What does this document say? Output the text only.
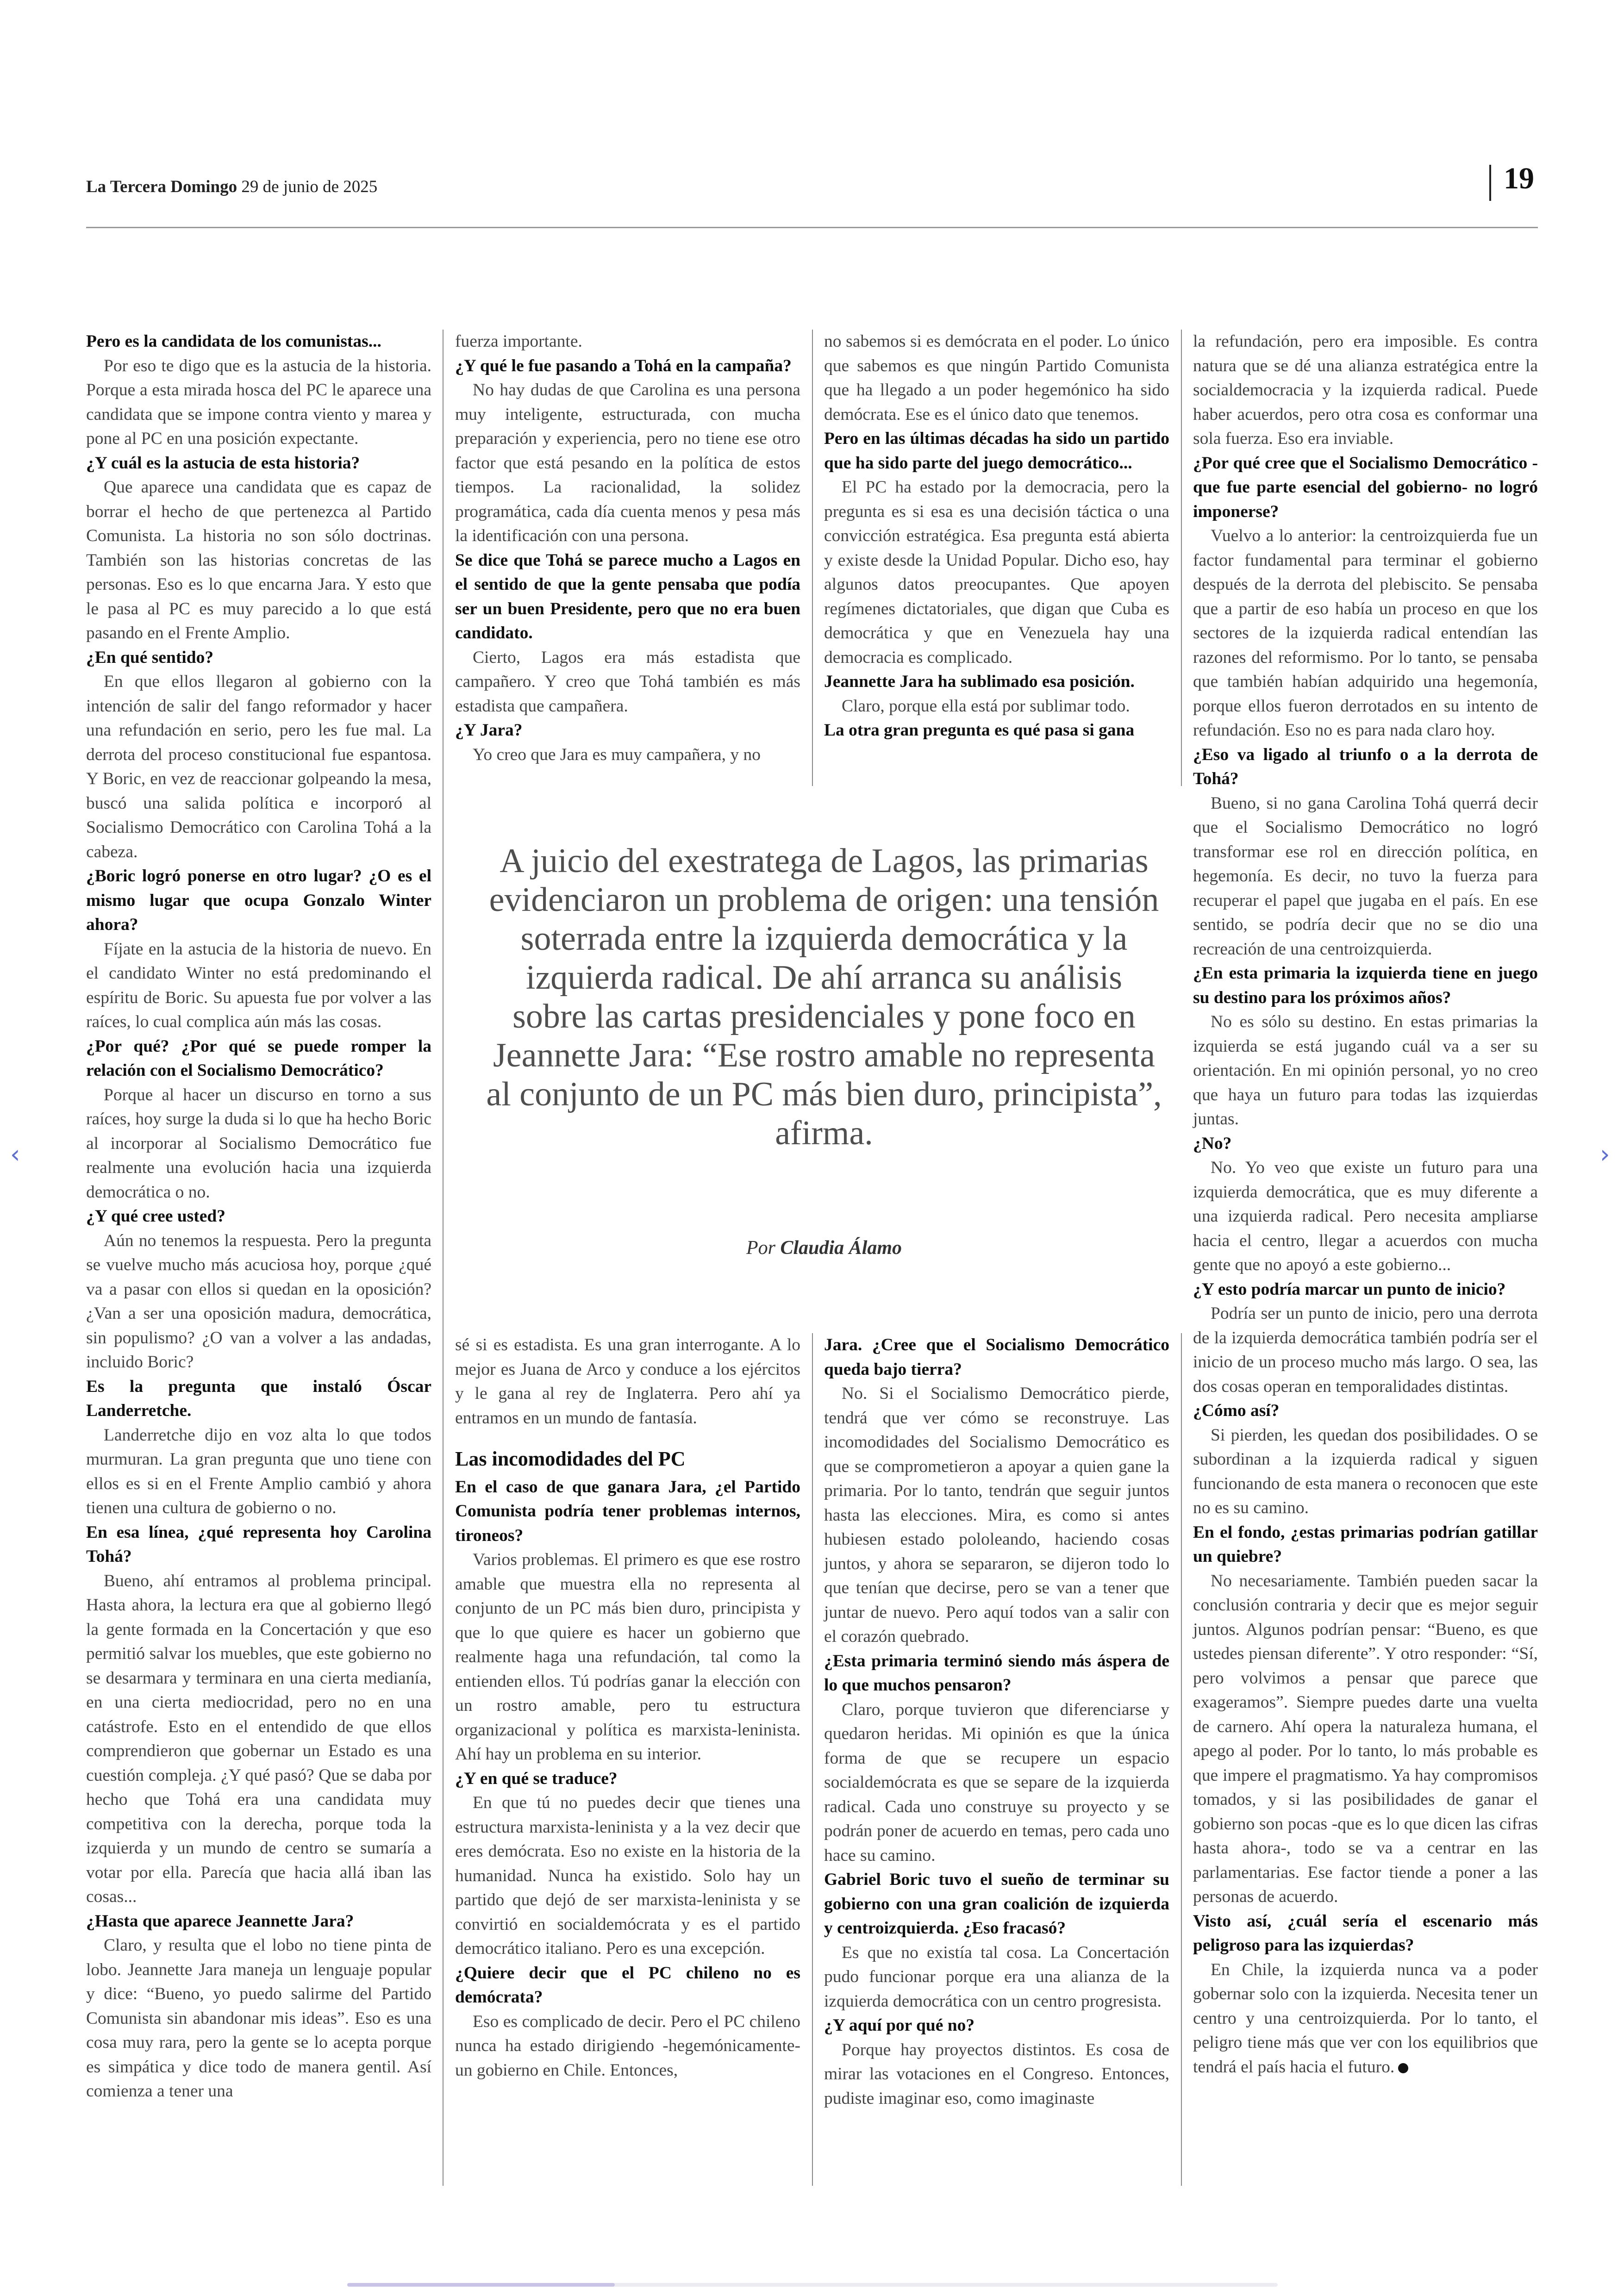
La Tercera Domingo 29 de junio de 2025	19

Pero es la candidata de los comunistas...

Por eso te digo que es la astucia de la historia. Porque a esta mirada hosca del PC le aparece una candidata que se impone contra viento y marea y pone al PC en una posición expectante.

¿Y cuál es la astucia de esta historia?

Que aparece una candidata que es capaz de borrar el hecho de que pertenezca al Partido Comunista. La historia no son sólo doctrinas. También son las historias concretas de las personas. Eso es lo que encarna Jara. Y esto que le pasa al PC es muy parecido a lo que está pasando en el Frente Amplio.

¿En qué sentido?

En que ellos llegaron al gobierno con la intención de salir del fango reformador y hacer una refundación en serio, pero les fue mal. La derrota del proceso constitucional fue espantosa. Y Boric, en vez de reaccionar golpeando la mesa, buscó una salida política e incorporó al Socialismo Democrático con Carolina Tohá a la cabeza.

¿Boric logró ponerse en otro lugar? ¿O es el mismo lugar que ocupa Gonzalo Winter ahora?

Fíjate en la astucia de la historia de nuevo. En el candidato Winter no está predominando el espíritu de Boric. Su apuesta fue por volver a las raíces, lo cual complica aún más las cosas.

¿Por qué? ¿Por qué se puede romper la relación con el Socialismo Democrático?

Porque al hacer un discurso en torno a sus raíces, hoy surge la duda si lo que ha hecho Boric al incorporar al Socialismo Democrático fue realmente una evolución hacia una izquierda democrática o no.

¿Y qué cree usted?

Aún no tenemos la respuesta. Pero la pregunta se vuelve mucho más acuciosa hoy, porque ¿qué va a pasar con ellos si quedan en la oposición? ¿Van a ser una oposición madura, democrática, sin populismo? ¿O van a volver a las andadas, incluido Boric?

Es la pregunta que instaló Óscar Landerretche.

Landerretche dijo en voz alta lo que todos murmuran. La gran pregunta que uno tiene con ellos es si en el Frente Amplio cambió y ahora tienen una cultura de gobierno o no.

En esa línea, ¿qué representa hoy Carolina Tohá?

Bueno, ahí entramos al problema principal. Hasta ahora, la lectura era que al gobierno llegó la gente formada en la Concertación y que eso permitió salvar los muebles, que este gobierno no se desarmara y terminara en una cierta medianía, en una cierta mediocridad, pero no en una catástrofe. Esto en el entendido de que ellos comprendieron que gobernar un Estado es una cuestión compleja. ¿Y qué pasó? Que se daba por hecho que Tohá era una candidata muy competitiva con la derecha, porque toda la izquierda y un mundo de centro se sumaría a votar por ella. Parecía que hacia allá iban las cosas...

¿Hasta que aparece Jeannette Jara?

Claro, y resulta que el lobo no tiene pinta de lobo. Jeannette Jara maneja un lenguaje popular y dice: “Bueno, yo puedo salirme del Partido Comunista sin abandonar mis ideas”. Eso es una cosa muy rara, pero la gente se lo acepta porque es simpática y dice todo de manera gentil. Así comienza a tener una

fuerza importante.

¿Y qué le fue pasando a Tohá en la campaña?

No hay dudas de que Carolina es una persona muy inteligente, estructurada, con mucha preparación y experiencia, pero no tiene ese otro factor que está pesando en la política de estos tiempos. La racionalidad, la solidez programática, cada día cuenta menos y pesa más la identificación con una persona.

Se dice que Tohá se parece mucho a Lagos en el sentido de que la gente pensaba que podía ser un buen Presidente, pero que no era buen candidato.

Cierto, Lagos era más estadista que campañero. Y creo que Tohá también es más estadista que campañera.

¿Y Jara?

Yo creo que Jara es muy campañera, y no

no sabemos si es demócrata en el poder. Lo único que sabemos es que ningún Partido Comunista que ha llegado a un poder hegemónico ha sido demócrata. Ese es el único dato que tenemos.

Pero en las últimas décadas ha sido un partido que ha sido parte del juego democrático...

El PC ha estado por la democracia, pero la pregunta es si esa es una decisión táctica o una convicción estratégica. Esa pregunta está abierta y existe desde la Unidad Popular. Dicho eso, hay algunos datos preocupantes. Que apoyen regímenes dictatoriales, que digan que Cuba es democrática y que en Venezuela hay una democracia es complicado.

Jeannette Jara ha sublimado esa posición.

Claro, porque ella está por sublimar todo.

La otra gran pregunta es qué pasa si gana

la refundación, pero era imposible. Es contra natura que se dé una alianza estratégica entre la socialdemocracia y la izquierda radical. Puede haber acuerdos, pero otra cosa es conformar una sola fuerza. Eso era inviable.

¿Por qué cree que el Socialismo Democrático -que fue parte esencial del gobierno- no logró imponerse?

Vuelvo a lo anterior: la centroizquierda fue un factor fundamental para terminar el gobierno después de la derrota del plebiscito. Se pensaba que a partir de eso había un proceso en que los sectores de la izquierda radical entendían las razones del reformismo. Por lo tanto, se pensaba que también habían adquirido una hegemonía, porque ellos fueron derrotados en su intento de refundación. Eso no es para nada claro hoy.

¿Eso va ligado al triunfo o a la derrota de Tohá?

Bueno, si no gana Carolina Tohá querrá decir que el Socialismo Democrático no logró transformar ese rol en dirección política, en hegemonía. Es decir, no tuvo la fuerza para recuperar el papel que jugaba en el país. En ese sentido, se podría decir que no se dio una recreación de una centroizquierda.

¿En esta primaria la izquierda tiene en juego su destino para los próximos años?

No es sólo su destino. En estas primarias la izquierda se está jugando cuál va a ser su orientación. En mi opinión personal, yo no creo que haya un futuro para todas las izquierdas juntas.

¿No?

No. Yo veo que existe un futuro para una izquierda democrática, que es muy diferente a una izquierda radical. Pero necesita ampliarse hacia el centro, llegar a acuerdos con mucha gente que no apoyó a este gobierno...

¿Y esto podría marcar un punto de inicio?

Podría ser un punto de inicio, pero una derrota de la izquierda democrática también podría ser el inicio de un proceso mucho más largo. O sea, las dos cosas operan en temporalidades distintas.

¿Cómo así?

Si pierden, les quedan dos posibilidades. O se subordinan a la izquierda radical y siguen funcionando de esta manera o reconocen que este no es su camino.

En el fondo, ¿estas primarias podrían gatillar un quiebre?

No necesariamente. También pueden sacar la conclusión contraria y decir que es mejor seguir juntos. Algunos podrían pensar: “Bueno, es que ustedes piensan diferente”. Y otro responder: “Sí, pero volvimos a pensar que parece que exageramos”. Siempre puedes darte una vuelta de carnero. Ahí opera la naturaleza humana, el apego al poder. Por lo tanto, lo más probable es que impere el pragmatismo. Ya hay compromisos tomados, y si las posibilidades de ganar el gobierno son pocas -que es lo que dicen las cifras hasta ahora-, todo se va a centrar en las parlamentarias. Ese factor tiende a poner a las personas de acuerdo.

Visto así, ¿cuál sería el escenario más peligroso para las izquierdas?

En Chile, la izquierda nunca va a poder gobernar solo con la izquierda. Necesita tener un centro y una centroizquierda. Por lo tanto, el peligro tiene más que ver con los equilibrios que tendrá el país hacia el futuro.

A juicio del exestratega de Lagos, las primarias evidenciaron un problema de origen: una tensión soterrada entre la izquierda democrática y la izquierda radical. De ahí arranca su análisis sobre las cartas presidenciales y pone foco en Jeannette Jara: “Ese rostro amable no representa al conjunto de un PC más bien duro, principista”, afirma.
Por Claudia Álamo

sé si es estadista. Es una gran interrogante. A lo mejor es Juana de Arco y conduce a los ejércitos y le gana al rey de Inglaterra. Pero ahí ya entramos en un mundo de fantasía.

Las incomodidades del PC

En el caso de que ganara Jara, ¿el Partido Comunista podría tener problemas internos, tironeos?

Varios problemas. El primero es que ese rostro amable que muestra ella no representa al conjunto de un PC más bien duro, principista y que lo que quiere es hacer un gobierno que realmente haga una refundación, tal como la entienden ellos. Tú podrías ganar la elección con un rostro amable, pero tu estructura organizacional y política es marxista-leninista. Ahí hay un problema en su interior.

¿Y en qué se traduce?

En que tú no puedes decir que tienes una estructura marxista-leninista y a la vez decir que eres demócrata. Eso no existe en la historia de la humanidad. Nunca ha existido. Solo hay un partido que dejó de ser marxista-leninista y se convirtió en socialdemócrata y es el partido democrático italiano. Pero es una excepción.

¿Quiere decir que el PC chileno no es demócrata?

Eso es complicado de decir. Pero el PC chileno nunca ha estado dirigiendo -hegemónicamente- un gobierno en Chile. Entonces,

Jara. ¿Cree que el Socialismo Democrático queda bajo tierra?

No. Si el Socialismo Democrático pierde, tendrá que ver cómo se reconstruye. Las incomodidades del Socialismo Democrático es que se comprometieron a apoyar a quien gane la primaria. Por lo tanto, tendrán que seguir juntos hasta las elecciones. Mira, es como si antes hubiesen estado pololeando, haciendo cosas juntos, y ahora se separaron, se dijeron todo lo que tenían que decirse, pero se van a tener que juntar de nuevo. Pero aquí todos van a salir con el corazón quebrado.

¿Esta primaria terminó siendo más áspera de lo que muchos pensaron?

Claro, porque tuvieron que diferenciarse y quedaron heridas. Mi opinión es que la única forma de que se recupere un espacio socialdemócrata es que se separe de la izquierda radical. Cada uno construye su proyecto y se podrán poner de acuerdo en temas, pero cada uno hace su camino.

Gabriel Boric tuvo el sueño de terminar su gobierno con una gran coalición de izquierda y centroizquierda. ¿Eso fracasó?

Es que no existía tal cosa. La Concertación pudo funcionar porque era una alianza de la izquierda democrática con un centro progresista.

¿Y aquí por qué no?

Porque hay proyectos distintos. Es cosa de mirar las votaciones en el Congreso. Entonces, pudiste imaginar eso, como imaginaste

‹	›
